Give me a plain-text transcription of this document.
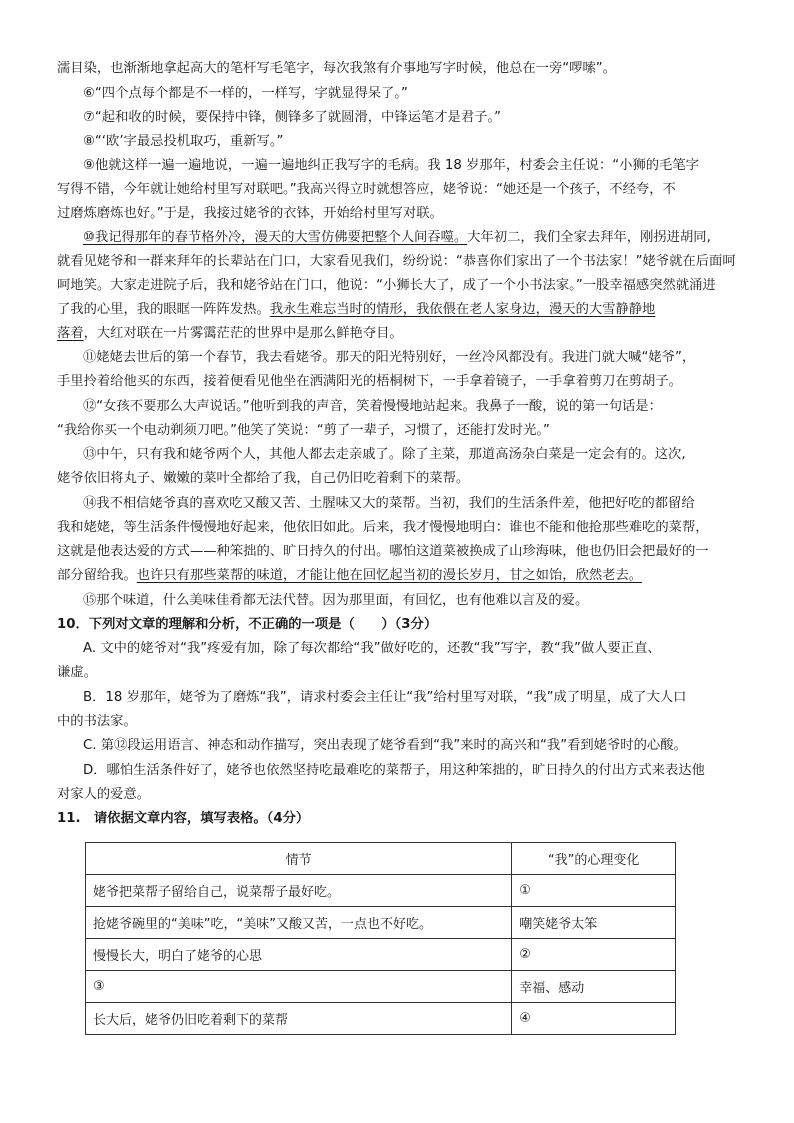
濡目染，也渐渐地拿起高大的笔杆写毛笔字，每次我煞有介事地写字时候，他总在一旁“啰嗦”。
⑥“四个点每个都是不一样的，一样写，字就显得呆了。”
⑦“起和收的时候，要保持中锋，侧锋多了就圆滑，中锋运笔才是君子。”
⑧“‘欧’字最忌投机取巧，重新写。”
⑨他就这样一遍一遍地说，一遍一遍地纠正我写字的毛病。我 18 岁那年，村委会主任说：“小狮的毛笔字
写得不错，今年就让她给村里写对联吧。”我高兴得立时就想答应，姥爷说：“她还是一个孩子，不经夸，不
过磨炼磨炼也好。”于是，我接过姥爷的衣钵，开始给村里写对联。
⑩我记得那年的春节格外冷，漫天的大雪仿佛要把整个人间吞噬。大年初二，我们全家去拜年，刚拐进胡同,
就看见姥爷和一群来拜年的长辈站在门口，大家看见我们，纷纷说：“恭喜你们家出了一个书法家！”姥爷就在后面呵
呵地笑。大家走进院子后，我和姥爷站在门口，他说：“小狮长大了，成了一个小书法家。”一股幸福感突然就涌进
了我的心里，我的眼眶一阵阵发热。我永生难忘当时的情形，我依偎在老人家身边，漫天的大雪静静地
落着，大红对联在一片雾霭茫茫的世界中是那么鲜艳夺目。
⑪姥姥去世后的第一个春节，我去看姥爷。那天的阳光特别好，一丝冷风都没有。我进门就大喊“姥爷”，
手里拎着给他买的东西，接着便看见他坐在洒满阳光的梧桐树下，一手拿着镜子，一手拿着剪刀在剪胡子。
⑫“女孩不要那么大声说话。”他听到我的声音，笑着慢慢地站起来。我鼻子一酸，说的第一句话是：
“我给你买一个电动剃须刀吧。”他笑了笑说：“剪了一辈子，习惯了，还能打发时光。”
⑬中午，只有我和姥爷两个人，其他人都去走亲戚了。除了主菜，那道高汤杂白菜是一定会有的。这次,
姥爷依旧将丸子、嫩嫩的菜叶全都给了我，自己仍旧吃着剩下的菜帮。
⑭我不相信姥爷真的喜欢吃又酸又苦、土腥味又大的菜帮。当初，我们的生活条件差，他把好吃的都留给
我和姥姥，等生活条件慢慢地好起来，他依旧如此。后来，我才慢慢地明白：谁也不能和他抢那些难吃的菜帮，
这就是他表达爱的方式——种笨拙的、旷日持久的付出。哪怕这道菜被换成了山珍海味，他也仍旧会把最好的一
部分留给我。也许只有那些菜帮的味道，才能让他在回忆起当初的漫长岁月，甘之如饴，欣然老去。
⑮那个味道，什么美味佳肴都无法代替。因为那里面，有回忆，也有他难以言及的爱。
10．下列对文章的理解和分析，不正确的一项是（　　）（3分）
A. 文中的姥爷对“我”疼爱有加，除了每次都给“我”做好吃的，还教“我”写字，教“我”做人要正直、
谦虚。
B．18 岁那年，姥爷为了磨炼“我”，请求村委会主任让“我”给村里写对联，“我”成了明星，成了大人口
中的书法家。
C. 第⑫段运用语言、神态和动作描写，突出表现了姥爷看到“我”来时的高兴和“我”看到姥爷时的心酸。
D．哪怕生活条件好了，姥爷也依然坚持吃最难吃的菜帮子，用这种笨拙的，旷日持久的付出方式来表达他
对家人的爱意。
11.　请依据文章内容，填写表格。（4分）
情节	“我”的心理变化
姥爷把菜帮子留给自己，说菜帮子最好吃。	①
抢姥爷碗里的“美味”吃，“美味”又酸又苦，一点也不好吃。	嘲笑姥爷太笨
慢慢长大，明白了姥爷的心思	②
③	幸福、感动
长大后，姥爷仍旧吃着剩下的菜帮	④
